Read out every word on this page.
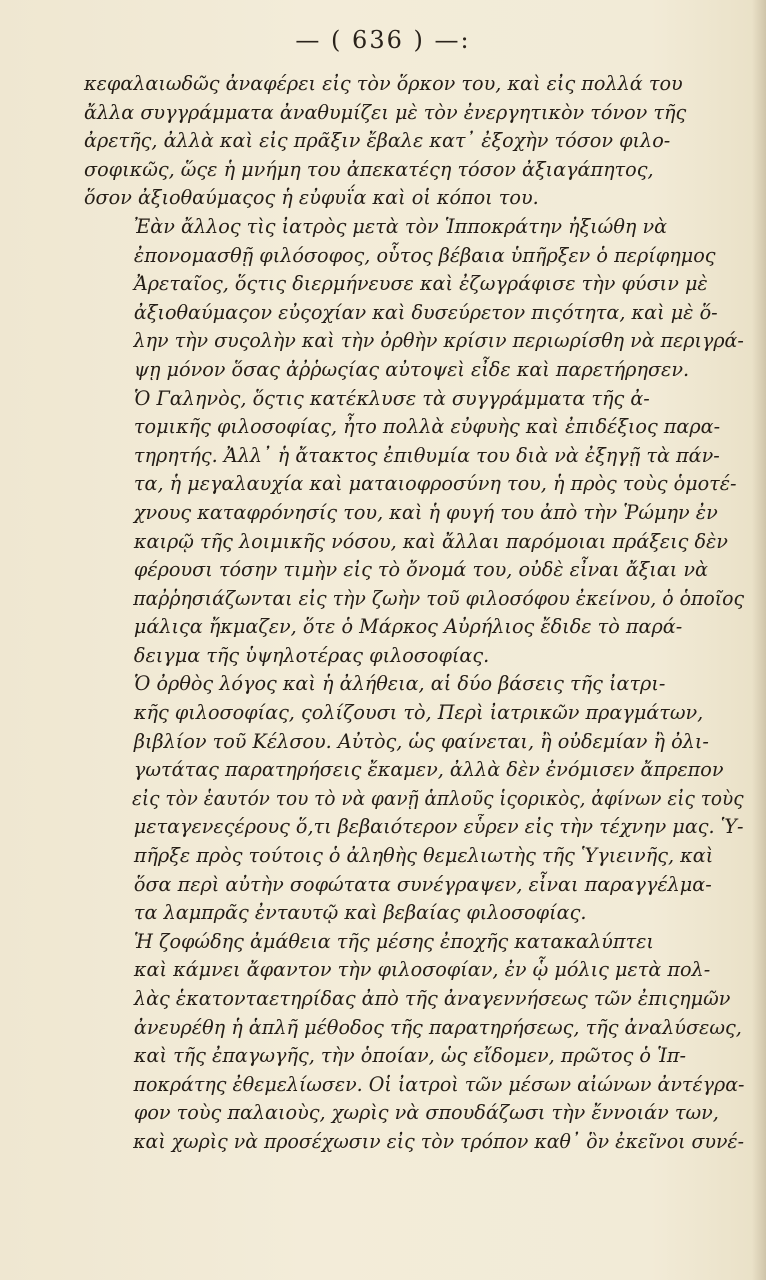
— ( 636 ) —:

κεφαλαιωδῶς ἀναφέρει εἰς τὸν ὅρκον του, καὶ εἰς πολλά του
ἄλλα συγγράμματα ἀναθυμίζει μὲ τὸν ἐνεργητικὸν τόνον τῆς
ἀρετῆς, ἀλλὰ καὶ εἰς πρᾶξιν ἔβαλε κατ᾽ ἐξοχὴν τόσον φιλο-
σοφικῶς, ὥςε ἡ μνήμη του ἀπεκατέςη τόσον ἀξιαγάπητος,
ὅσον ἀξιοθαύμαςος ἡ εὐφυΐα καὶ οἱ κόποι του.

Ἐὰν ἄλλος τὶς ἰατρὸς μετὰ τὸν Ἱπποκράτην ἠξιώθη νὰ
ἐπονομασθῇ φιλόσοφος, οὗτος βέβαια ὑπῆρξεν ὁ περίφημος
Ἀρεταῖος, ὅςτις διερμήνευσε καὶ ἐζωγράφισε τὴν φύσιν μὲ
ἀξιοθαύμαςον εὐςοχίαν καὶ δυσεύρετον πιςότητα, καὶ μὲ ὅ-
λην τὴν συςολὴν καὶ τὴν ὀρθὴν κρίσιν περιωρίσθη νὰ περιγρά-
ψῃ μόνον ὅσας ἀῤῥωςίας αὐτοψεὶ εἶδε καὶ παρετήρησεν.

Ὁ Γαληνὸς, ὅςτις κατέκλυσε τὰ συγγράμματα τῆς ἀ-
τομικῆς φιλοσοφίας, ἦτο πολλὰ εὐφυὴς καὶ ἐπιδέξιος παρα-
τηρητής. Ἀλλ᾽ ἡ ἄτακτος ἐπιθυμία του διὰ νὰ ἐξηγῇ τὰ πάν-
τα, ἡ μεγαλαυχία καὶ ματαιοφροσύνη του, ἡ πρὸς τοὺς ὁμοτέ-
χνους καταφρόνησίς του, καὶ ἡ φυγή του ἀπὸ τὴν Ῥώμην ἐν
καιρῷ τῆς λοιμικῆς νόσου, καὶ ἄλλαι παρόμοιαι πράξεις δὲν
φέρουσι τόσην τιμὴν εἰς τὸ ὄνομά του, οὐδὲ εἶναι ἄξιαι νὰ
παῤῥησιάζωνται εἰς τὴν ζωὴν τοῦ φιλοσόφου ἐκείνου, ὁ ὁποῖος
μάλιςα ἤκμαζεν, ὅτε ὁ Μάρκος Αὐρήλιος ἔδιδε τὸ παρά-
δειγμα τῆς ὑψηλοτέρας φιλοσοφίας.

Ὁ ὀρθὸς λόγος καὶ ἡ ἀλήθεια, αἱ δύο βάσεις τῆς ἰατρι-
κῆς φιλοσοφίας, ςολίζουσι τὸ, Περὶ ἰατρικῶν πραγμάτων,
βιβλίον τοῦ Κέλσου. Αὐτὸς, ὡς φαίνεται, ἢ οὐδεμίαν ἢ ὀλι-
γωτάτας παρατηρήσεις ἔκαμεν, ἀλλὰ δὲν ἐνόμισεν ἄπρεπον
εἰς τὸν ἑαυτόν του τὸ νὰ φανῇ ἁπλοῦς ἱςορικὸς, ἀφίνων εἰς τοὺς
μεταγενεςέρους ὅ,τι βεβαιότερον εὗρεν εἰς τὴν τέχνην μας. Ὑ-
πῆρξε πρὸς τούτοις ὁ ἀληθὴς θεμελιωτὴς τῆς Ὑγιεινῆς, καὶ
ὅσα περὶ αὐτὴν σοφώτατα συνέγραψεν, εἶναι παραγγέλμα-
τα λαμπρᾶς ἐνταυτῷ καὶ βεβαίας φιλοσοφίας.

Ἡ ζοφώδης ἀμάθεια τῆς μέσης ἐποχῆς κατακαλύπτει
καὶ κάμνει ἄφαντον τὴν φιλοσοφίαν, ἐν ᾧ μόλις μετὰ πολ-
λὰς ἑκατονταετηρίδας ἀπὸ τῆς ἀναγεννήσεως τῶν ἐπιςημῶν
ἀνευρέθη ἡ ἁπλῆ μέθοδος τῆς παρατηρήσεως, τῆς ἀναλύσεως,
καὶ τῆς ἐπαγωγῆς, τὴν ὁποίαν, ὡς εἴδομεν, πρῶτος ὁ Ἱπ-
ποκράτης ἐθεμελίωσεν. Οἱ ἰατροὶ τῶν μέσων αἰώνων ἀντέγρα-
φον τοὺς παλαιοὺς, χωρὶς νὰ σπουδάζωσι τὴν ἔννοιάν των,
καὶ χωρὶς νὰ προσέχωσιν εἰς τὸν τρόπον καθ᾽ ὃν ἐκεῖνοι συνέ-
